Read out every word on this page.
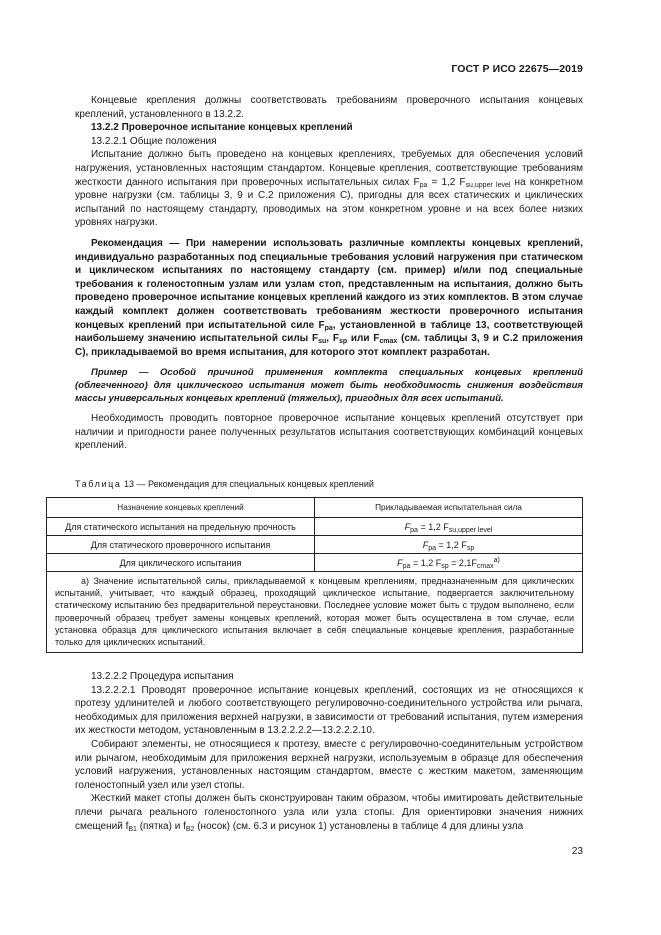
ГОСТ Р ИСО 22675—2019

Концевые крепления должны соответствовать требованиям проверочного испытания концевых креплений, установленного в 13.2.2.

13.2.2 Проверочное испытание концевых креплений

13.2.2.1 Общие положения

Испытание должно быть проведено на концевых креплениях, требуемых для обеспечения условий нагружения, установленных настоящим стандартом. Концевые крепления, соответствующие требованиям жесткости данного испытания при проверочных испытательных силах $F_{pa} = 1,2$ $F_{su,upper level}$ на конкретном уровне нагрузки (см. таблицы 3, 9 и C.2 приложения C), пригодны для всех статических и циклических испытаний по настоящему стандарту, проводимых на этом конкретном уровне и на всех более низких уровнях нагрузки.

Рекомендация — При намерении использовать различные комплекты концевых креплений, индивидуально разработанных под специальные требования условий нагружения при статическом и циклическом испытаниях по настоящему стандарту (см. пример) и/или под специальные требования к голеностопным узлам или узлам стоп, представленным на испытания, должно быть проведено проверочное испытание концевых креплений каждого из этих комплектов. В этом случае каждый комплект должен соответствовать требованиям жесткости проверочного испытания концевых креплений при испытательной силе $F_{pa}$, установленной в таблице 13, соответствующей наибольшему значению испытательной силы $F_{su}$, $F_{sp}$ или $F_{cmax}$ (см. таблицы 3, 9 и C.2 приложения C), прикладываемой во время испытания, для которого этот комплект разработан.

Пример — Особой причиной применения комплекта специальных концевых креплений (облегченного) для циклического испытания может быть необходимость снижения воздействия массы универсальных концевых креплений (тяжелых), пригодных для всех испытаний.

Необходимость проводить повторное проверочное испытание концевых креплений отсутствует при наличии и пригодности ранее полученных результатов испытания соответствующих комбинаций концевых креплений.

Таблица 13 — Рекомендация для специальных концевых креплений
Назначение концевых креплений	Прикладываемая испытательная сила
Для статического испытания на предельную прочность	$F_{pa} = 1,2$ $F_{su,upper level}$
Для статического проверочного испытания	$F_{pa} = 1,2$ $F_{sp}$
Для циклического испытания	$F_{pa} = 1,2$ $F_{sp} = 2,1F_{cmax}^{a)}$
a) Значение испытательной силы, прикладываемой к концевым креплениям, предназначенным для циклических испытаний, учитывает, что каждый образец, проходящий циклическое испытание, подвергается заключительному статическому испытанию без предварительной переустановки. Последнее условие может быть с трудом выполнено, если проверочный образец требует замены концевых креплений, которая может быть осуществлена в том случае, если установка образца для циклического испытания включает в себя специальные концевые крепления, разработанные только для циклических испытаний.	

13.2.2.2 Процедура испытания

13.2.2.2.1 Проводят проверочное испытание концевых креплений, состоящих из не относящихся к протезу удлинителей и любого соответствующего регулировочно-соединительного устройства или рычага, необходимых для приложения верхней нагрузки, в зависимости от требований испытания, путем измерения их жесткости методом, установленным в 13.2.2.2.2—13.2.2.2.10.

Собирают элементы, не относящиеся к протезу, вместе с регулировочно-соединительным устройством или рычагом, необходимым для приложения верхней нагрузки, используемым в образце для обеспечения условий нагружения, установленных настоящим стандартом, вместе с жестким макетом, заменяющим голеностопный узел или узел стопы.

Жесткий макет стопы должен быть сконструирован таким образом, чтобы имитировать действительные плечи рычага реального голеностопного узла или узла стопы. Для ориентировки значения нижних смещений $f_{B1}$ (пятка) и $f_{B2}$ (носок) (см. 6.3 и рисунок 1) установлены в таблице 4 для длины узла

23
